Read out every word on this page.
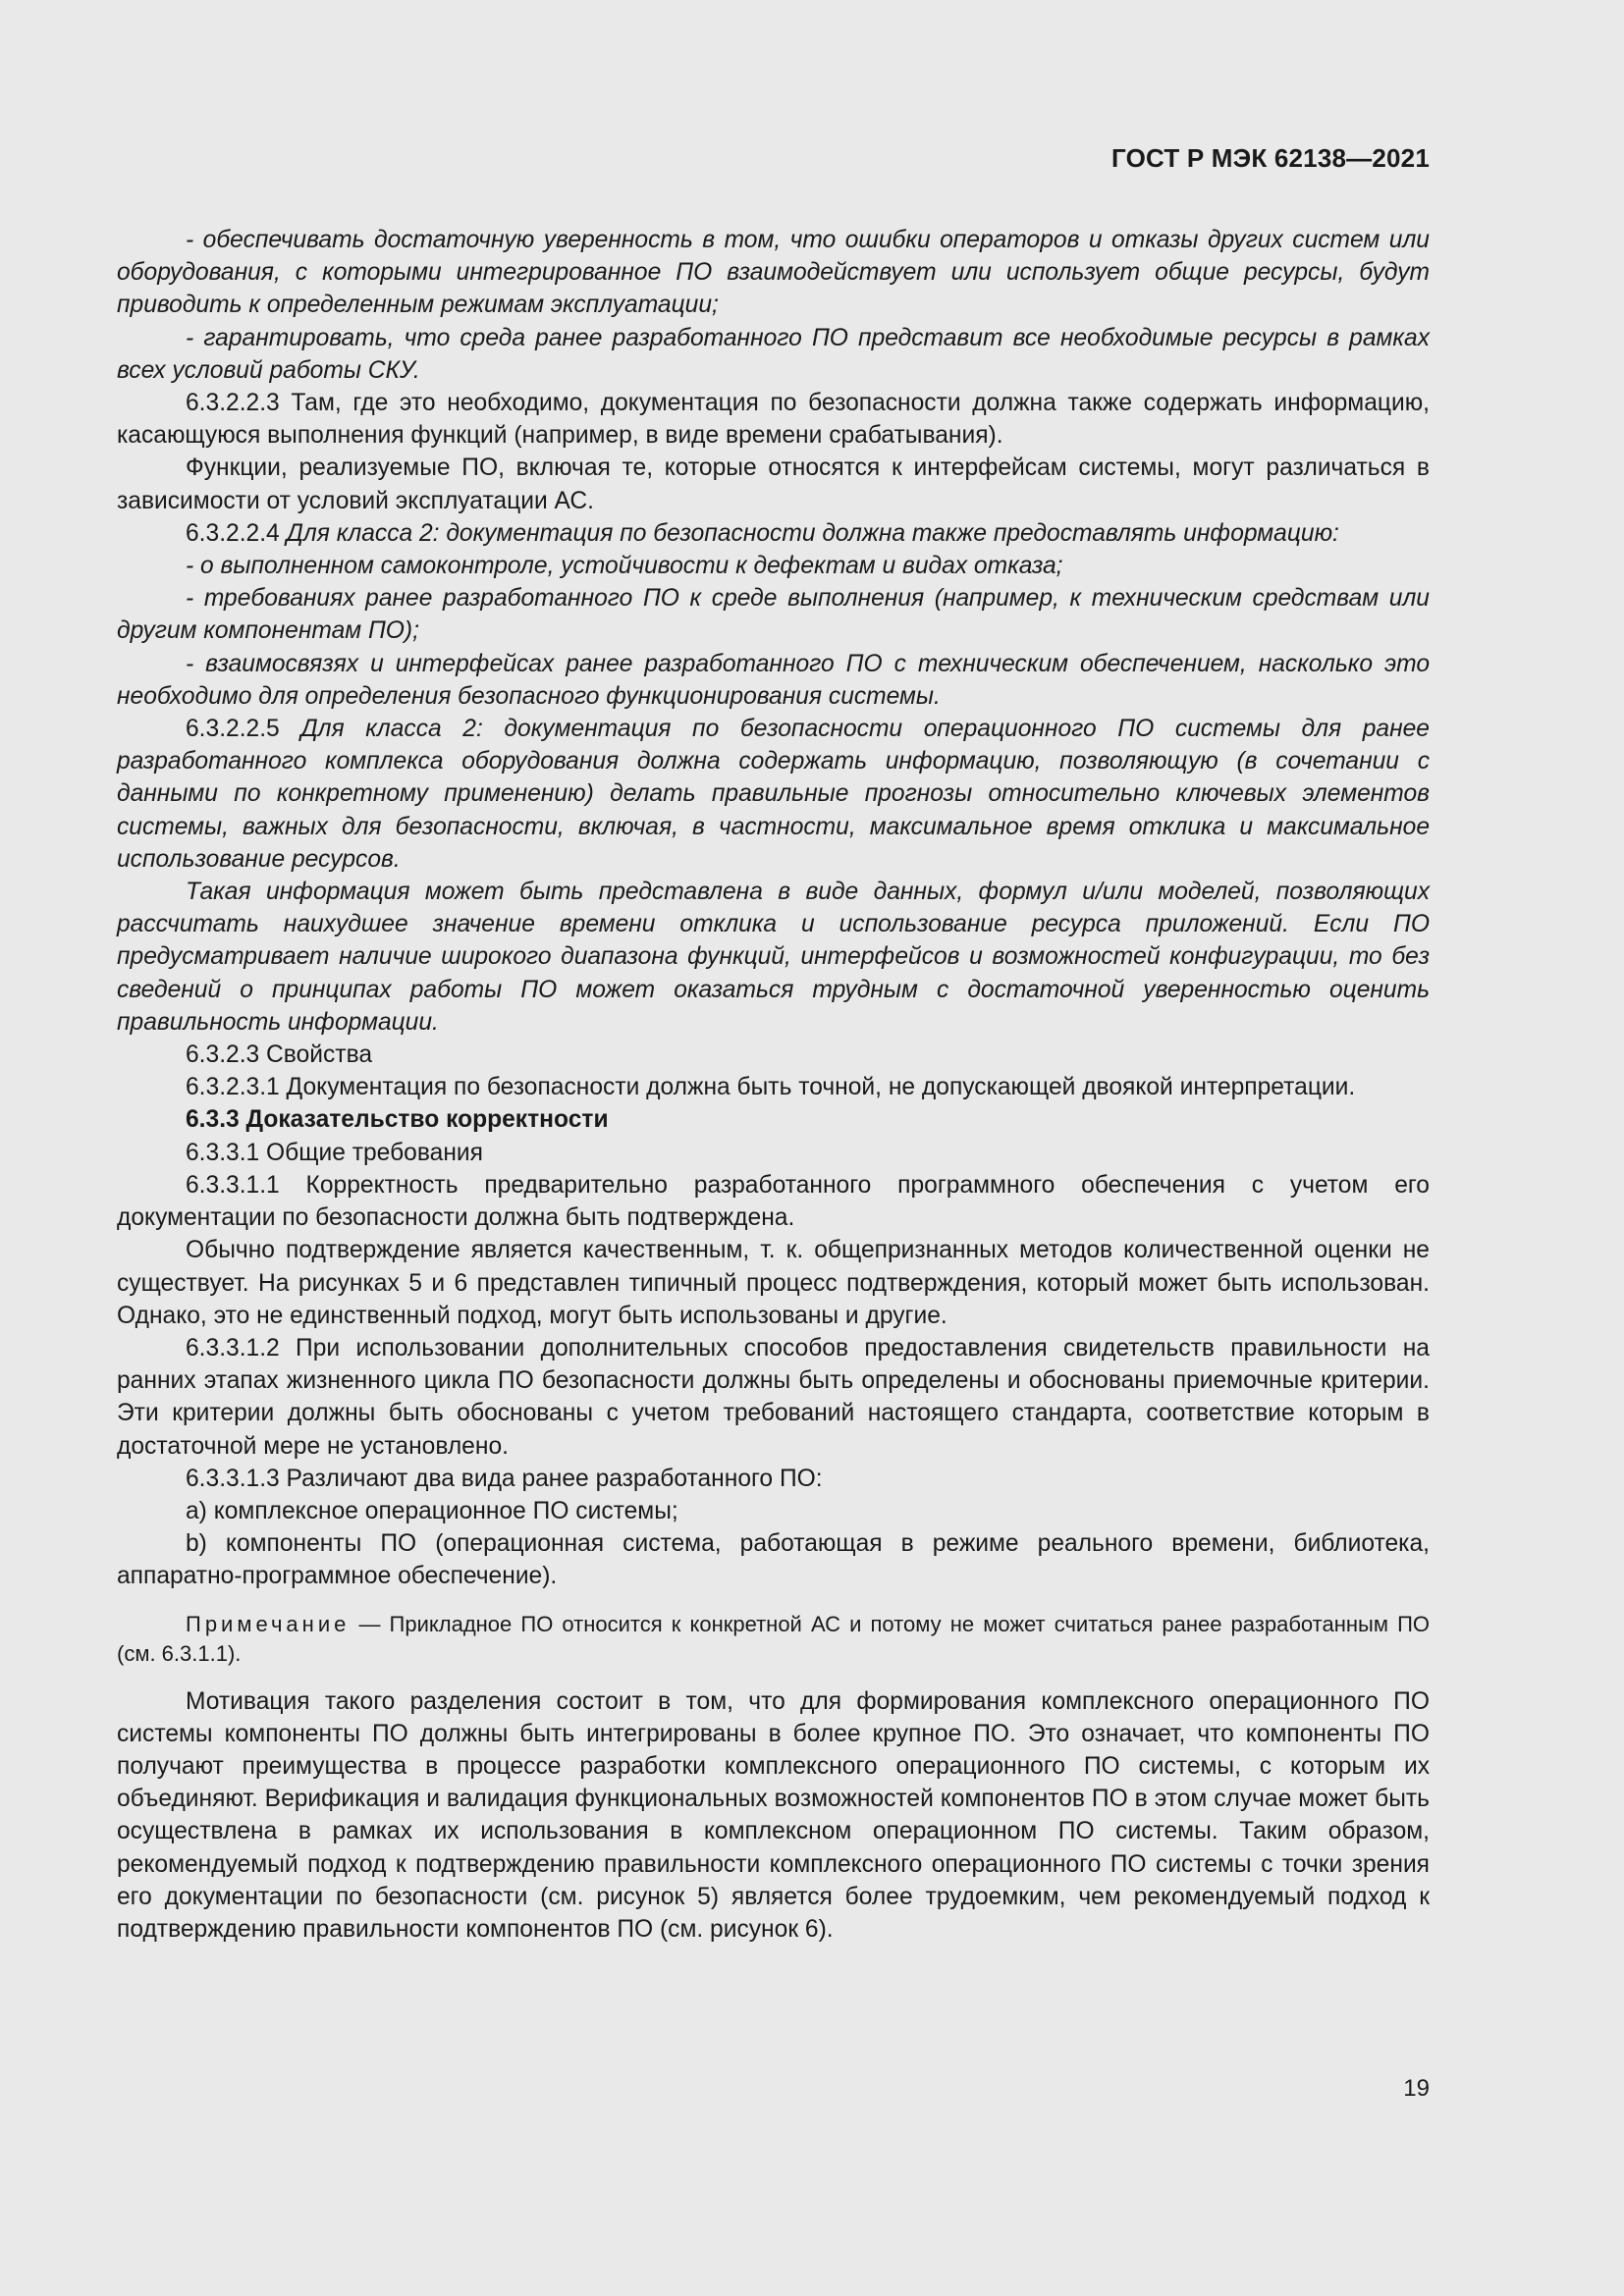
ГОСТ Р МЭК 62138—2021

- обеспечивать достаточную уверенность в том, что ошибки операторов и отказы других систем или оборудования, с которыми интегрированное ПО взаимодействует или использует общие ресурсы, будут приводить к определенным режимам эксплуатации;

- гарантировать, что среда ранее разработанного ПО представит все необходимые ресурсы в рамках всех условий работы СКУ.

6.3.2.2.3 Там, где это необходимо, документация по безопасности должна также содержать информацию, касающуюся выполнения функций (например, в виде времени срабатывания).

Функции, реализуемые ПО, включая те, которые относятся к интерфейсам системы, могут различаться в зависимости от условий эксплуатации АС.

6.3.2.2.4 Для класса 2: документация по безопасности должна также предоставлять информацию:

- о выполненном самоконтроле, устойчивости к дефектам и видах отказа;

- требованиях ранее разработанного ПО к среде выполнения (например, к техническим средствам или другим компонентам ПО);

- взаимосвязях и интерфейсах ранее разработанного ПО с техническим обеспечением, насколько это необходимо для определения безопасного функционирования системы.

6.3.2.2.5 Для класса 2: документация по безопасности операционного ПО системы для ранее разработанного комплекса оборудования должна содержать информацию, позволяющую (в сочетании с данными по конкретному применению) делать правильные прогнозы относительно ключевых элементов системы, важных для безопасности, включая, в частности, максимальное время отклика и максимальное использование ресурсов.

Такая информация может быть представлена в виде данных, формул и/или моделей, позволяющих рассчитать наихудшее значение времени отклика и использование ресурса приложений. Если ПО предусматривает наличие широкого диапазона функций, интерфейсов и возможностей конфигурации, то без сведений о принципах работы ПО может оказаться трудным с достаточной уверенностью оценить правильность информации.

6.3.2.3 Свойства

6.3.2.3.1 Документация по безопасности должна быть точной, не допускающей двоякой интерпретации.

6.3.3 Доказательство корректности

6.3.3.1 Общие требования

6.3.3.1.1 Корректность предварительно разработанного программного обеспечения с учетом его документации по безопасности должна быть подтверждена.

Обычно подтверждение является качественным, т. к. общепризнанных методов количественной оценки не существует. На рисунках 5 и 6 представлен типичный процесс подтверждения, который может быть использован. Однако, это не единственный подход, могут быть использованы и другие.

6.3.3.1.2 При использовании дополнительных способов предоставления свидетельств правильности на ранних этапах жизненного цикла ПО безопасности должны быть определены и обоснованы приемочные критерии. Эти критерии должны быть обоснованы с учетом требований настоящего стандарта, соответствие которым в достаточной мере не установлено.

6.3.3.1.3 Различают два вида ранее разработанного ПО:

a) комплексное операционное ПО системы;

b) компоненты ПО (операционная система, работающая в режиме реального времени, библиотека, аппаратно-программное обеспечение).

Примечание — Прикладное ПО относится к конкретной АС и потому не может считаться ранее разработанным ПО (см. 6.3.1.1).

Мотивация такого разделения состоит в том, что для формирования комплексного операционного ПО системы компоненты ПО должны быть интегрированы в более крупное ПО. Это означает, что компоненты ПО получают преимущества в процессе разработки комплексного операционного ПО системы, с которым их объединяют. Верификация и валидация функциональных возможностей компонентов ПО в этом случае может быть осуществлена в рамках их использования в комплексном операционном ПО системы. Таким образом, рекомендуемый подход к подтверждению правильности комплексного операционного ПО системы с точки зрения его документации по безопасности (см. рисунок 5) является более трудоемким, чем рекомендуемый подход к подтверждению правильности компонентов ПО (см. рисунок 6).

19
